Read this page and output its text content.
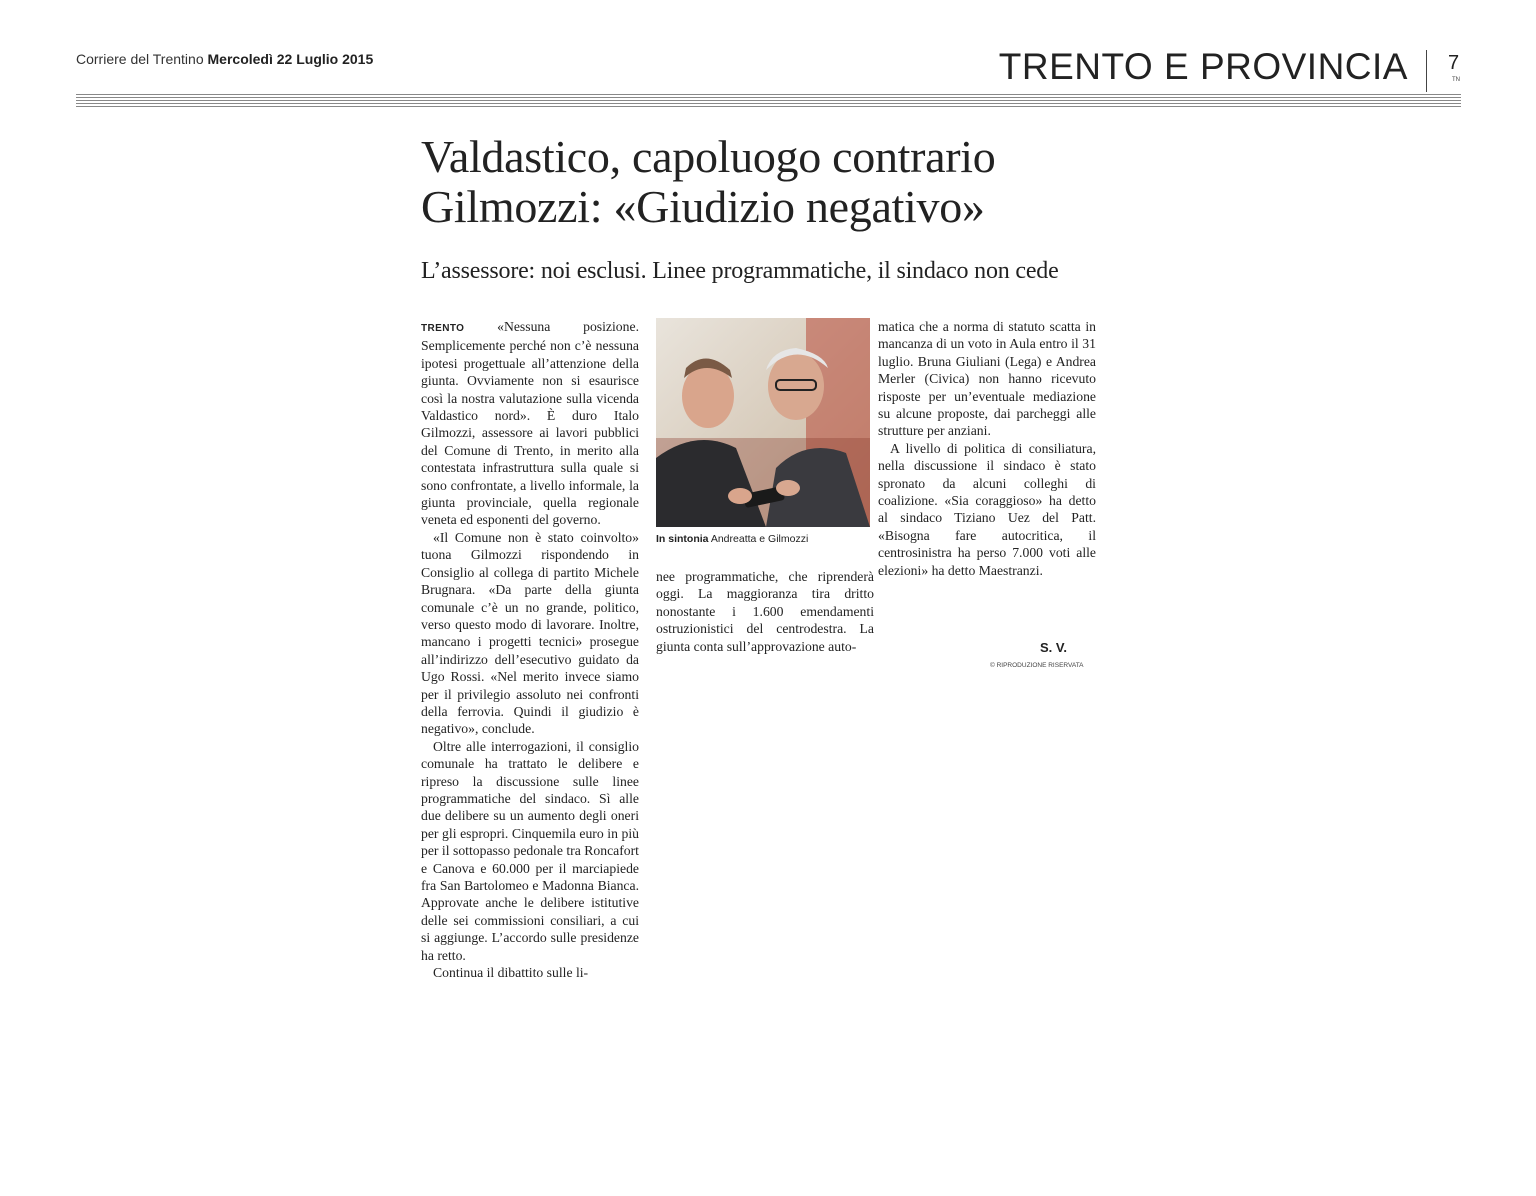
Corriere del Trentino Mercoledì 22 Luglio 2015	TRENTO E PROVINCIA 7
TN
Valdastico, capoluogo contrario
Gilmozzi: «Giudizio negativo»
L’assessore: noi esclusi. Linee programmatiche, il sindaco non cede

TRENTO «Nessuna posizione. Semplicemente perché non c’è nessuna ipotesi progettuale all’attenzione della giunta. Ovviamente non si esaurisce così la nostra valutazione sulla vicenda Valdastico nord». È duro Italo Gilmozzi, assessore ai lavori pubblici del Comune di Trento, in merito alla contestata infrastruttura sulla quale si sono confrontate, a livello informale, la giunta provinciale, quella regionale veneta ed esponenti del governo.

«Il Comune non è stato coinvolto» tuona Gilmozzi rispondendo in Consiglio al collega di partito Michele Brugnara. «Da parte della giunta comunale c’è un no grande, politico, verso questo modo di lavorare. Inoltre, mancano i progetti tecnici» prosegue all’indirizzo dell’esecutivo guidato da Ugo Rossi. «Nel merito invece siamo per il privilegio assoluto nei confronti della ferrovia. Quindi il giudizio è negativo», conclude.

Oltre alle interrogazioni, il consiglio comunale ha trattato le delibere e ripreso la discussione sulle linee programmatiche del sindaco. Sì alle due delibere su un aumento degli oneri per gli espropri. Cinquemila euro in più per il sottopasso pedonale tra Roncafort e Canova e 60.000 per il marciapiede fra San Bartolomeo e Madonna Bianca. Approvate anche le delibere istitutive delle sei commissioni consiliari, a cui si aggiunge. L’accordo sulle presidenze ha retto.

Continua il dibattito sulle li-

In sintonia Andreatta e Gilmozzi

nee programmatiche, che riprenderà oggi. La maggioranza tira dritto nonostante i 1.600 emendamenti ostruzionistici del centrodestra. La giunta conta sull’approvazione auto-

matica che a norma di statuto scatta in mancanza di un voto in Aula entro il 31 luglio. Bruna Giuliani (Lega) e Andrea Merler (Civica) non hanno ricevuto risposte per un’eventuale mediazione su alcune proposte, dai parcheggi alle strutture per anziani.

A livello di politica di consiliatura, nella discussione il sindaco è stato spronato da alcuni colleghi di coalizione. «Sia coraggioso» ha detto al sindaco Tiziano Uez del Patt. «Bisogna fare autocritica, il centrosinistra ha perso 7.000 voti alle elezioni» ha detto Maestranzi.

S. V.
© RIPRODUZIONE RISERVATA
